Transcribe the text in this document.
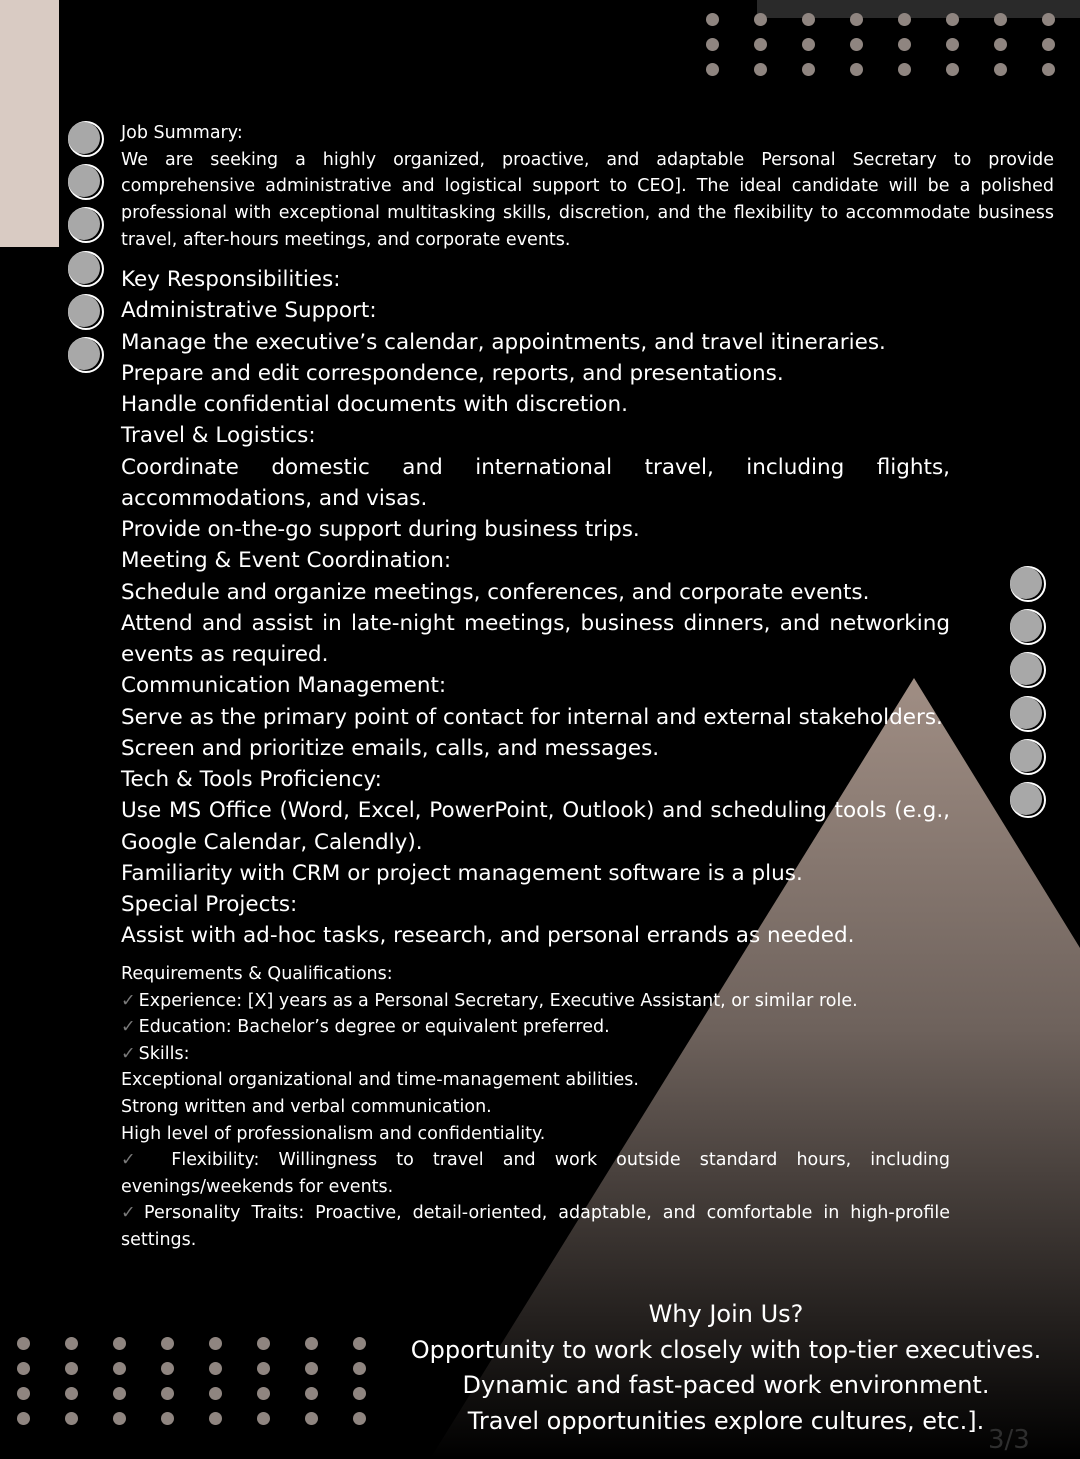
Job Summary:

We are seeking a highly organized, proactive, and adaptable Personal Secretary to provide comprehensive administrative and logistical support to CEO]. The ideal candidate will be a polished professional with exceptional multitasking skills, discretion, and the flexibility to accommodate business travel, after-hours meetings, and corporate events.

Key Responsibilities:

Administrative Support:

Manage the executive’s calendar, appointments, and travel itineraries.

Prepare and edit correspondence, reports, and presentations.

Handle confidential documents with discretion.

Travel & Logistics:

Coordinate domestic and international travel, including flights, accommodations, and visas.

Provide on-the-go support during business trips.

Meeting & Event Coordination:

Schedule and organize meetings, conferences, and corporate events.

Attend and assist in late-night meetings, business dinners, and networking events as required.

Communication Management:

Serve as the primary point of contact for internal and external stakeholders.

Screen and prioritize emails, calls, and messages.

Tech & Tools Proficiency:

Use MS Office (Word, Excel, PowerPoint, Outlook) and scheduling tools (e.g., Google Calendar, Calendly).

Familiarity with CRM or project management software is a plus.

Special Projects:

Assist with ad-hoc tasks, research, and personal errands as needed.

Requirements & Qualifications:

✓ Experience: [X] years as a Personal Secretary, Executive Assistant, or similar role.

✓ Education: Bachelor’s degree or equivalent preferred.

✓ Skills:

Exceptional organizational and time-management abilities.

Strong written and verbal communication.

High level of professionalism and confidentiality.

✓ Flexibility: Willingness to travel and work outside standard hours, including evenings/weekends for events.

✓ Personality Traits: Proactive, detail-oriented, adaptable, and comfortable in high-profile settings.

Why Join Us?

Opportunity to work closely with top-tier executives.

Dynamic and fast-paced work environment.

Travel opportunities explore cultures, etc.].

3/3
